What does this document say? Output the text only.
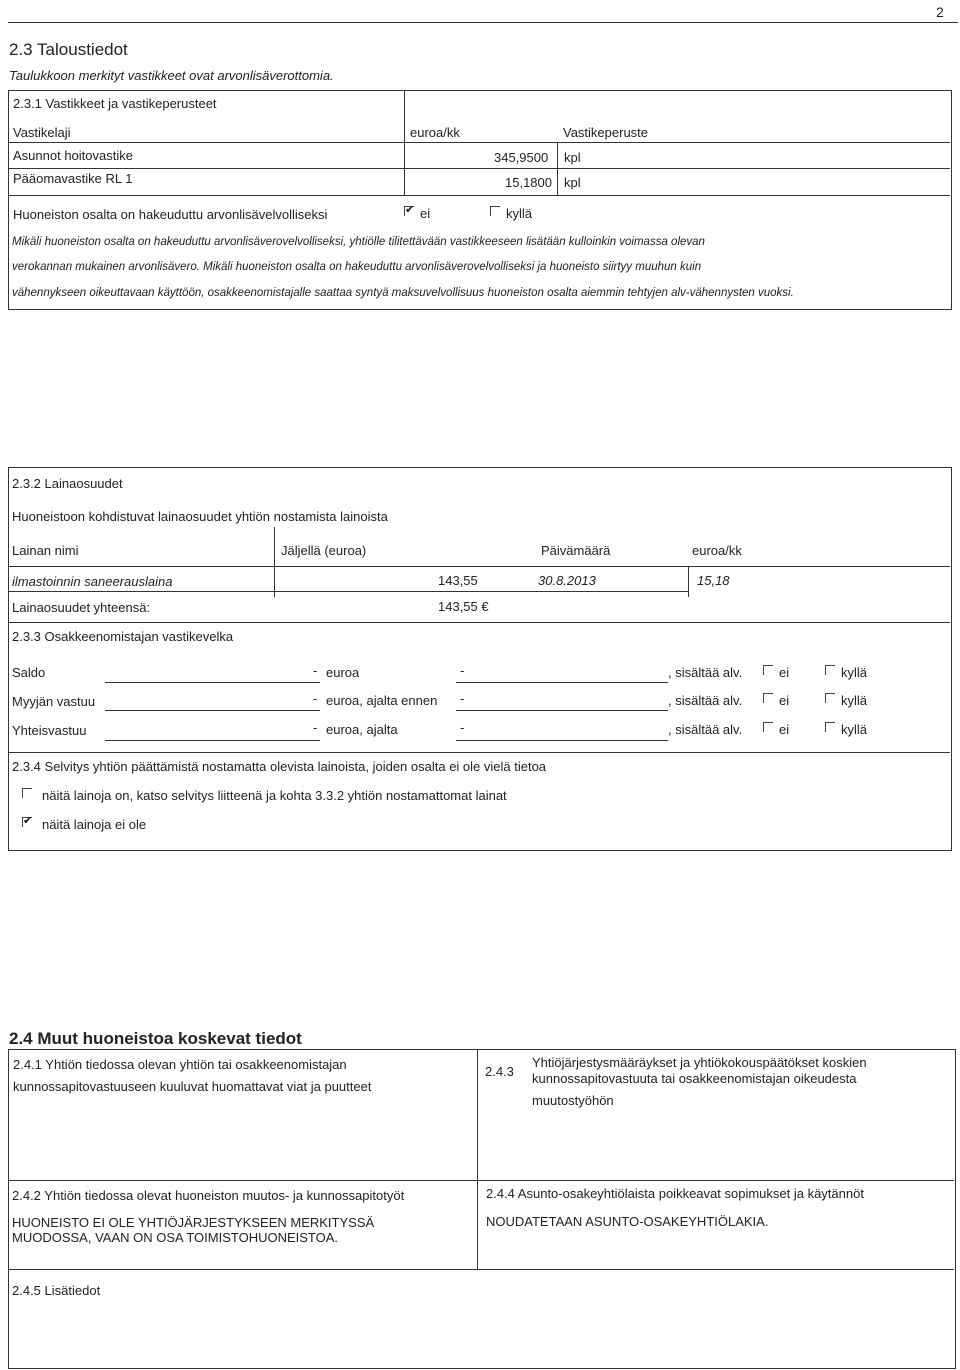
2
2.3 Taloustiedot
Taulukkoon merkityt vastikkeet ovat arvonlisäverottomia.
2.3.1 Vastikkeet ja vastikeperusteet
Vastikelaji	euroa/kk	Vastikeperuste
Asunnot hoitovastike	345,9500 kpl
Pääomavastike RL 1	15,1800 kpl
Huoneiston osalta on hakeuduttu arvonlisävelvolliseksi
✔	ei	kyllä
Mikäli huoneiston osalta on hakeuduttu arvonlisäverovelvolliseksi, yhtiölle tilitettävään vastikkeeseen lisätään kulloinkin voimassa olevan
verokannan mukainen arvonlisävero. Mikäli huoneiston osalta on hakeuduttu arvonlisäverovelvolliseksi ja huoneisto siirtyy muuhun kuin
vähennykseen oikeuttavaan käyttöön, osakkeenomistajalle saattaa syntyä maksuvelvollisuus huoneiston osalta aiemmin tehtyjen alv-vähennysten vuoksi.
2.3.2 Lainaosuudet
Huoneistoon kohdistuvat lainaosuudet yhtiön nostamista lainoista
Lainan nimi	Jäljellä (euroa)	Päivämäärä	euroa/kk
ilmastoinnin saneerauslaina	143,55	30.8.2013	15,18
Lainaosuudet yhteensä:	143,55 €
2.3.3 Osakkeenomistajan vastikevelka
Saldo	- euroa	-	, sisältää alv.	ei	kyllä
Myyjän vastuu	- euroa, ajalta ennen -	, sisältää alv.	ei	kyllä
Yhteisvastuu	- euroa, ajalta	-	, sisältää alv.	ei	kyllä
2.3.4 Selvitys yhtiön päättämistä nostamatta olevista lainoista, joiden osalta ei ole vielä tietoa
näitä lainoja on, katso selvitys liitteenä ja kohta 3.3.2 yhtiön nostamattomat lainat
✔näitä lainoja ei ole
2.4 Muut huoneistoa koskevat tiedot
2.4.1 Yhtiön tiedossa olevan yhtiön tai osakkeenomistajan
kunnossapitovastuuseen kuuluvat huomattavat viat ja puutteet
2.4.3
Yhtiöjärjestysmääräykset ja yhtiökokouspäätökset koskien
kunnossapitovastuuta tai osakkeenomistajan oikeudesta
muutostyöhön
2.4.2 Yhtiön tiedossa olevat huoneiston muutos- ja kunnossapitotyöt
HUONEISTO EI OLE YHTIÖJÄRJESTYKSEEN MERKITYSSÄ
MUODOSSA, VAAN ON OSA TOIMISTOHUONEISTOA.
2.4.4 Asunto-osakeyhtiölaista poikkeavat sopimukset ja käytännöt
NOUDATETAAN ASUNTO-OSAKEYHTIÖLAKIA.
2.4.5 Lisätiedot
